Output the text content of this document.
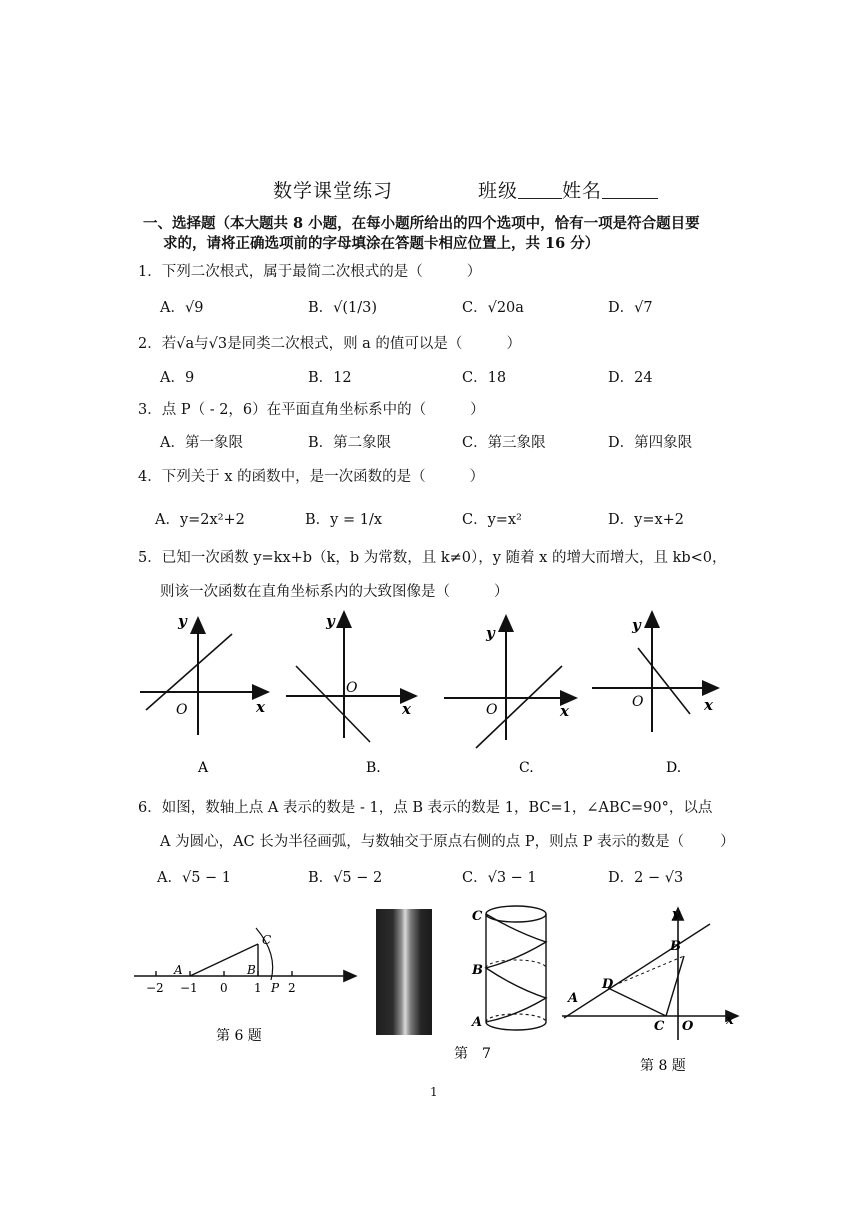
数学课堂练习	班级 姓名
一、选择题（本大题共 8 小题，在每小题所给出的四个选项中，恰有一项是符合题目要
求的，请将正确选项前的字母填涂在答题卡相应位置上，共 16 分）
1．下列二次根式，属于最简二次根式的是（	）
A．√9	B．√(1/3)	C．√20a	D．√7
2．若√a与√3是同类二次根式，则 a 的值可以是（	）
A．9	B．12	C．18	D．24
3．点 P（ - 2，6）在平面直角坐标系中的（	）
A．第一象限	B．第二象限	C．第三象限	D．第四象限
4．下列关于 x 的函数中，是一次函数的是（	）
A．y=2x²+2	B．y = 1/x	C．y=x²	D．y=x+2
5．已知一次函数 y=kx+b（k，b 为常数，且 k≠0），y 随着 x 的增大而增大，且 kb<0，
则该一次函数在直角坐标系内的大致图像是（	）
y
x
O
A
y
x
O
B.
y
x
O
C.
y
x
O
D.
6．如图，数轴上点 A 表示的数是 - 1，点 B 表示的数是 1，BC=1，∠ABC=90°，以点
A 为圆心，AC 长为半径画弧，与数轴交于原点右侧的点 P，则点 P 表示的数是（ ）
A．√5 − 1	B．√5 − 2	C．√3 − 1	D．2 − √3
−2 −1 0 1 2
A	B
C
P
第 6 题
C
B
A
第　7
y
B
D
A
C O	x
第 8 题
1
